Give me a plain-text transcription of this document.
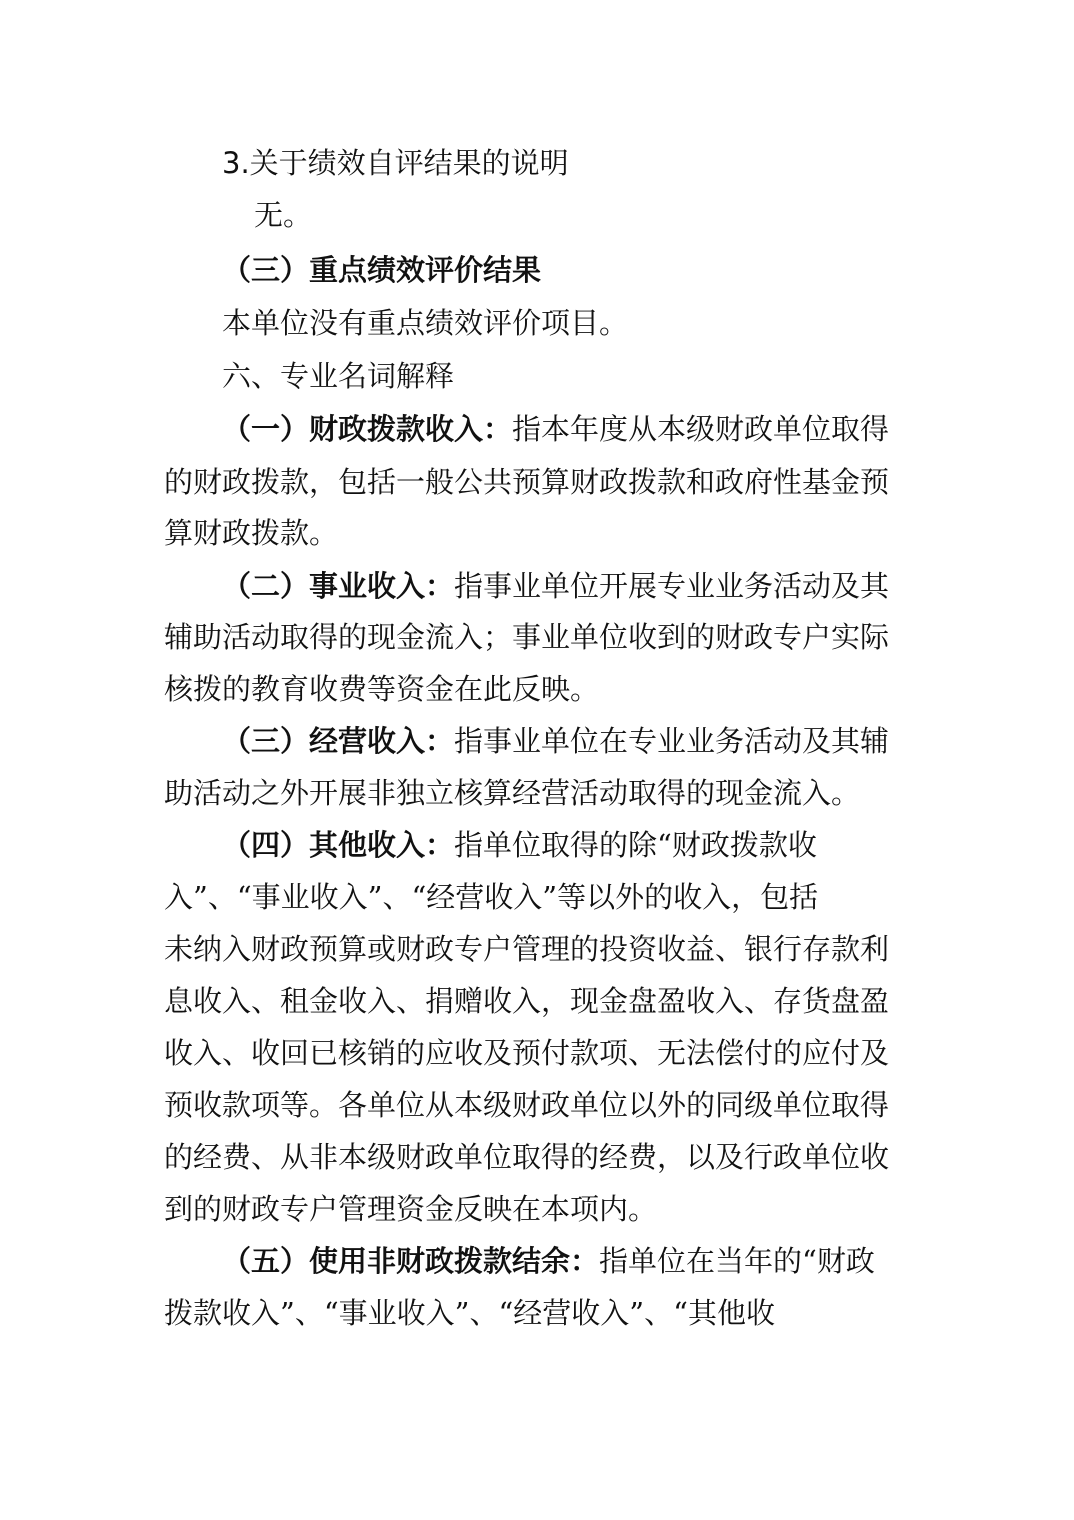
3.关于绩效自评结果的说明
无。
（三）重点绩效评价结果
本单位没有重点绩效评价项目。
六、专业名词解释
（一）财政拨款收入：指本年度从本级财政单位取得
的财政拨款，包括一般公共预算财政拨款和政府性基金预
算财政拨款。
（二）事业收入：指事业单位开展专业业务活动及其
辅助活动取得的现金流入；事业单位收到的财政专户实际
核拨的教育收费等资金在此反映。
（三）经营收入：指事业单位在专业业务活动及其辅
助活动之外开展非独立核算经营活动取得的现金流入。
（四）其他收入：指单位取得的除“财政拨款收
入”、“事业收入”、“经营收入”等以外的收入，包括
未纳入财政预算或财政专户管理的投资收益、银行存款利
息收入、租金收入、捐赠收入，现金盘盈收入、存货盘盈
收入、收回已核销的应收及预付款项、无法偿付的应付及
预收款项等。各单位从本级财政单位以外的同级单位取得
的经费、从非本级财政单位取得的经费，以及行政单位收
到的财政专户管理资金反映在本项内。
（五）使用非财政拨款结余：指单位在当年的“财政
拨款收入”、“事业收入”、“经营收入”、“其他收
